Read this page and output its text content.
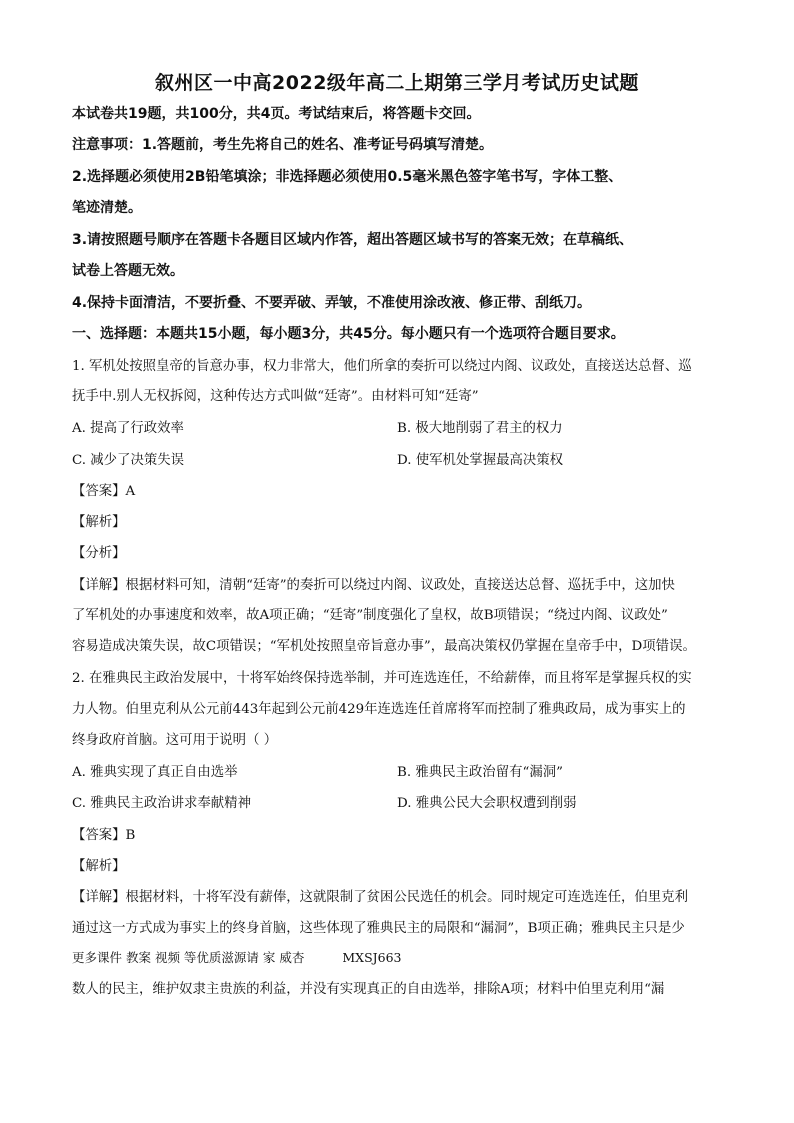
叙州区一中高2022级年高二上期第三学月考试历史试题
本试卷共19题，共100分，共4页。考试结束后，将答题卡交回。
注意事项：1.答题前，考生先将自己的姓名、准考证号码填写清楚。
2.选择题必须使用2B铅笔填涂；非选择题必须使用0.5毫米黑色签字笔书写，字体工整、
笔迹清楚。
3.请按照题号顺序在答题卡各题目区域内作答，超出答题区域书写的答案无效；在草稿纸、
试卷上答题无效。
4.保持卡面清洁，不要折叠、不要弄破、弄皱，不准使用涂改液、修正带、刮纸刀。
一、选择题：本题共15小题，每小题3分，共45分。每小题只有一个选项符合题目要求。
1. 军机处按照皇帝的旨意办事，权力非常大，他们所拿的奏折可以绕过内阁、议政处，直接送达总督、巡
抚手中.别人无权拆阅，这种传达方式叫做“廷寄”。由材料可知“廷寄”
A. 提高了行政效率	B. 极大地削弱了君主的权力
C. 减少了决策失误	D. 使军机处掌握最高决策权
【答案】A
【解析】
【分析】
【详解】根据材料可知，清朝“廷寄”的奏折可以绕过内阁、议政处，直接送达总督、巡抚手中，这加快
了军机处的办事速度和效率，故A项正确；“廷寄”制度强化了皇权，故B项错误；“绕过内阁、议政处”
容易造成决策失误，故C项错误；“军机处按照皇帝旨意办事”，最高决策权仍掌握在皇帝手中，D项错误。
2. 在雅典民主政治发展中，十将军始终保持选举制，并可连选连任，不给薪俸，而且将军是掌握兵权的实
力人物。伯里克利从公元前443年起到公元前429年连选连任首席将军而控制了雅典政局，成为事实上的
终身政府首脑。这可用于说明（ ）
A. 雅典实现了真正自由选举	B. 雅典民主政治留有“漏洞”
C. 雅典民主政治讲求奉献精神	D. 雅典公民大会职权遭到削弱
【答案】B
【解析】
【详解】根据材料，十将军没有薪俸，这就限制了贫困公民选任的机会。同时规定可连选连任，伯里克利
通过这一方式成为事实上的终身首脑，这些体现了雅典民主的局限和“漏洞”，B项正确；雅典民主只是少
更多课件 教案 视频 等优质滋源请 家 威杏	MXSJ663
数人的民主，维护奴隶主贵族的利益，并没有实现真正的自由选举，排除A项；材料中伯里克利用“漏
